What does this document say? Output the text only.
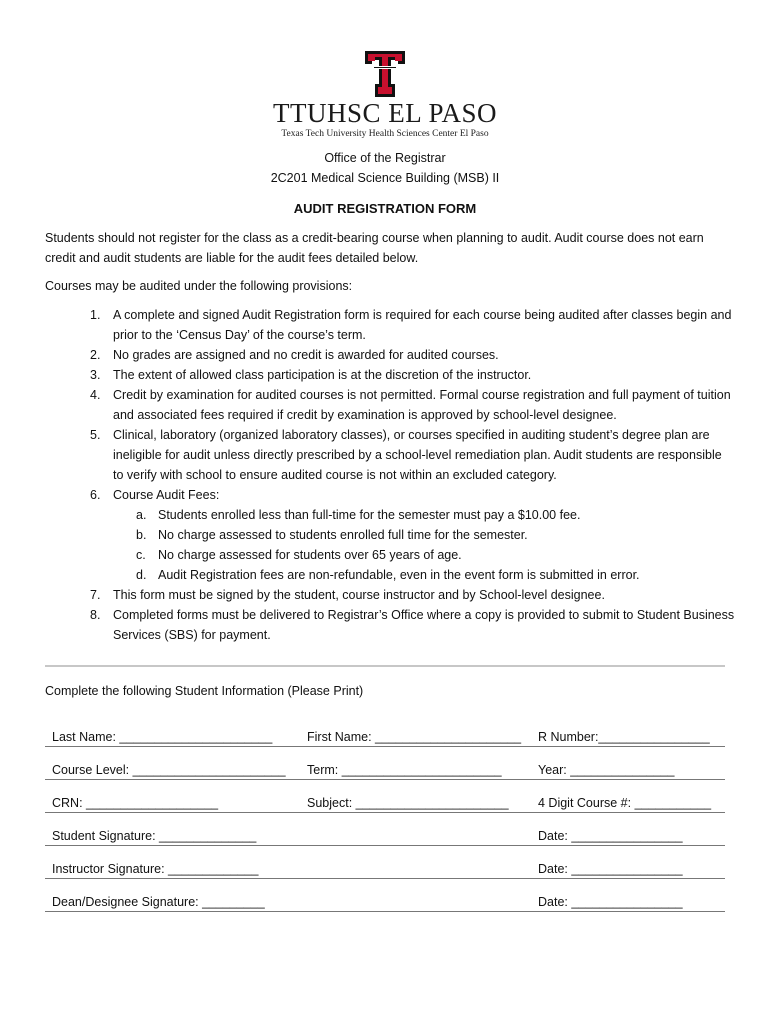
TTUHSC EL PASO
Texas Tech University Health Sciences Center El Paso
Office of the Registrar
2C201 Medical Science Building (MSB) II
AUDIT REGISTRATION FORM
Students should not register for the class as a credit-bearing course when planning to audit. Audit course does not earn credit and audit students are liable for the audit fees detailed below.
Courses may be audited under the following provisions:
1. A complete and signed Audit Registration form is required for each course being audited after classes begin and prior to the ‘Census Day’ of the course’s term.
2. No grades are assigned and no credit is awarded for audited courses.
3. The extent of allowed class participation is at the discretion of the instructor.
4. Credit by examination for audited courses is not permitted. Formal course registration and full payment of tuition and associated fees required if credit by examination is approved by school-level designee.
5. Clinical, laboratory (organized laboratory classes), or courses specified in auditing student’s degree plan are ineligible for audit unless directly prescribed by a school-level remediation plan. Audit students are responsible to verify with school to ensure audited course is not within an excluded category.
6. Course Audit Fees:
a. Students enrolled less than full-time for the semester must pay a $10.00 fee.
b. No charge assessed to students enrolled full time for the semester.
c. No charge assessed for students over 65 years of age.
d. Audit Registration fees are non-refundable, even in the event form is submitted in error.
7. This form must be signed by the student, course instructor and by School-level designee.
8. Completed forms must be delivered to Registrar’s Office where a copy is provided to submit to Student Business Services (SBS) for payment.
Complete the following Student Information (Please Print)
Last Name: ______________________	First Name: _____________________ R Number:________________
Course Level: ______________________ Term: _______________________	Year: _______________
CRN: ___________________	Subject: ______________________ 4 Digit Course #: ___________
Student Signature: ______________	Date: ________________
Instructor Signature: _____________	Date: ________________
Dean/Designee Signature: _________	Date: ________________
